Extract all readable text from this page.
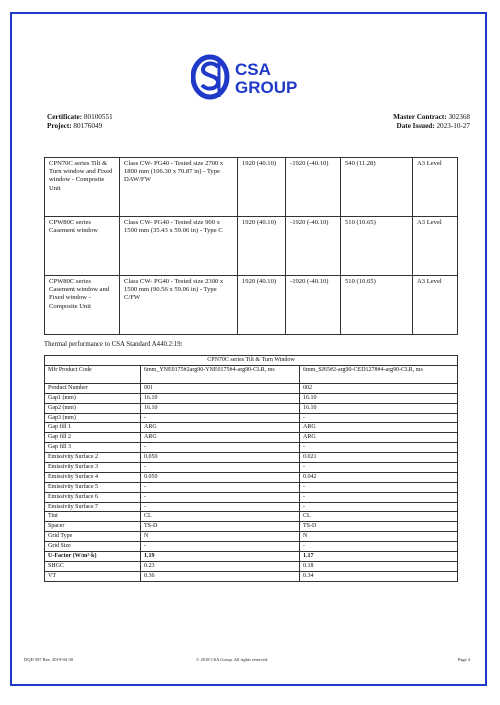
CSA
GROUP
Certificate: 80100551
Project: 80176049
Master Contract: 302368
Date Issued: 2023-10-27
CPN70C series Tilt & Turn window and Fixed window - Composite Unit	Class CW- PG40 - Tested size 2700 x 1800 mm (106.30 x 70.87 in) - Type DAW/FW	1920 (40.10)	-1920 (-40.10)	540 (11.28)	A3 Level
CPW80C series Casement window	Class CW- PG40 - Tested size 900 x 1500 mm (35.43 x 59.06 in) - Type C	1920 (40.10)	-1920 (-40.10)	510 (10.65)	A3 Level
CPW80C series Casement window and Fixed window - Composite Unit	Class CW- PG40 - Tested size 2300 x 1500 mm (90.56 x 59.06 in) - Type C/FW	1920 (40.10)	-1920 (-40.10)	510 (10.65)	A3 Level
Thermal performance to CSA Standard A440.2:19:
CPN70C series Tilt & Turn Window		
Mfr Product Code	6mm_YNE0175#2arg90-YNE0175#4-arg90-CLR, ms	6mm_SJ65#2-arg90-CED1278#4-arg90-CLR, ms
Product Number	001	002
Gap1 (mm)	16.10	16.10
Gap2 (mm)	16.10	16.10
Gap3 (mm)	-	-
Gap fill 1	ARG	ARG
Gap fill 2	ARG	ARG
Gap fill 3	-	-
Emissivity Surface 2	0.050	0.021
Emissivity Surface 3	-	-
Emissivity Surface 4	0.050	0.042
Emissivity Surface 5	-	-
Emissivity Surface 6	-	-
Emissivity Surface 7	-	-
Tint	CL	CL
Spacer	TS-D	TS-D
Grid Type	N	N
Grid Size	-	-
U-Factor (W/m²·k)	1.19	1.17
SHGC	0.23	0.18
VT	0.36	0.34
DQD 507 Rev. 2019-04-30	© 2018 CSA Group. All rights reserved.	Page 4
